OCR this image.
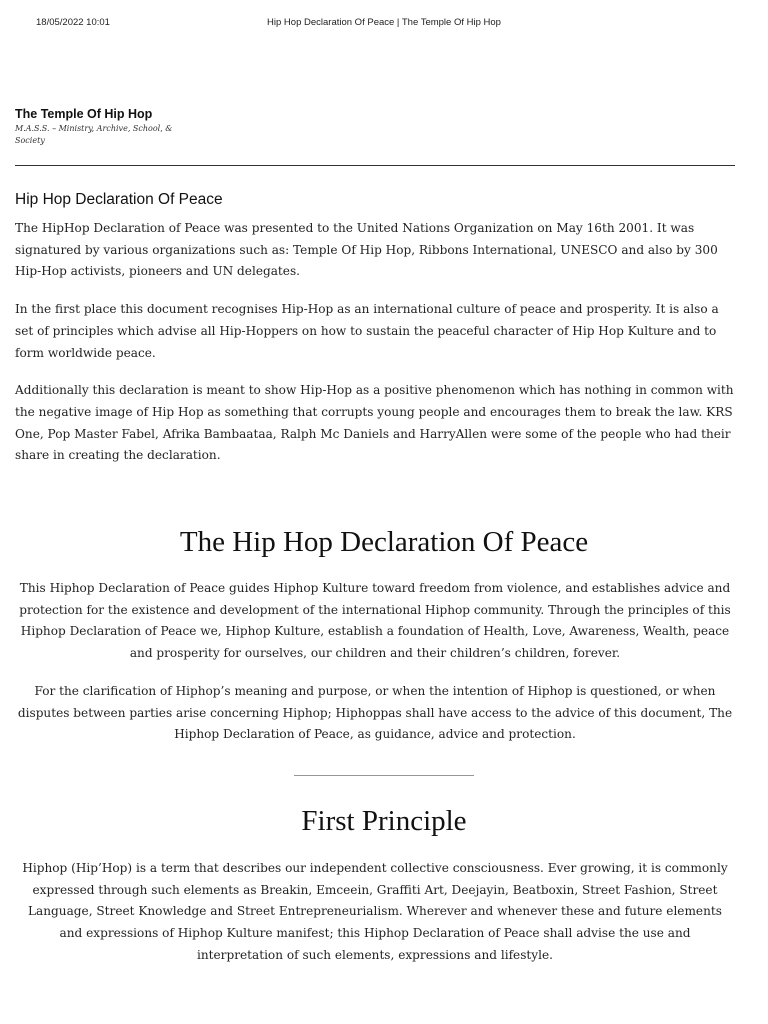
18/05/2022 10:01	Hip Hop Declaration Of Peace | The Temple Of Hip Hop
The Temple Of Hip Hop
M.A.S.S. – Ministry, Archive, School, & Society
Hip Hop Declaration Of Peace

The HipHop Declaration of Peace was presented to the United Nations Organization on May 16th 2001. It was signatured by various organizations such as: Temple Of Hip Hop, Ribbons International, UNESCO and also by 300 Hip-Hop activists, pioneers and UN delegates.

In the first place this document recognises Hip-Hop as an international culture of peace and prosperity. It is also a set of principles which advise all Hip-Hoppers on how to sustain the peaceful character of Hip Hop Kulture and to form worldwide peace.

Additionally this declaration is meant to show Hip-Hop as a positive phenomenon which has nothing in common with the negative image of Hip Hop as something that corrupts young people and encourages them to break the law. KRS One, Pop Master Fabel, Afrika Bambaataa, Ralph Mc Daniels and HarryAllen were some of the people who had their share in creating the declaration.

The Hip Hop Declaration Of Peace

This Hiphop Declaration of Peace guides Hiphop Kulture toward freedom from violence, and establishes advice and protection for the existence and development of the international Hiphop community. Through the principles of this Hiphop Declaration of Peace we, Hiphop Kulture, establish a foundation of Health, Love, Awareness, Wealth, peace and prosperity for ourselves, our children and their children’s children, forever.

For the clarification of Hiphop’s meaning and purpose, or when the intention of Hiphop is questioned, or when disputes between parties arise concerning Hiphop; Hiphoppas shall have access to the advice of this document, The Hiphop Declaration of Peace, as guidance, advice and protection.

______________________________
First Principle

Hiphop (Hip’Hop) is a term that describes our independent collective consciousness. Ever growing, it is commonly expressed through such elements as Breakin, Emceein, Graffiti Art, Deejayin, Beatboxin, Street Fashion, Street Language, Street Knowledge and Street Entrepreneurialism. Wherever and whenever these and future elements and expressions of Hiphop Kulture manifest; this Hiphop Declaration of Peace shall advise the use and interpretation of such elements, expressions and lifestyle.
